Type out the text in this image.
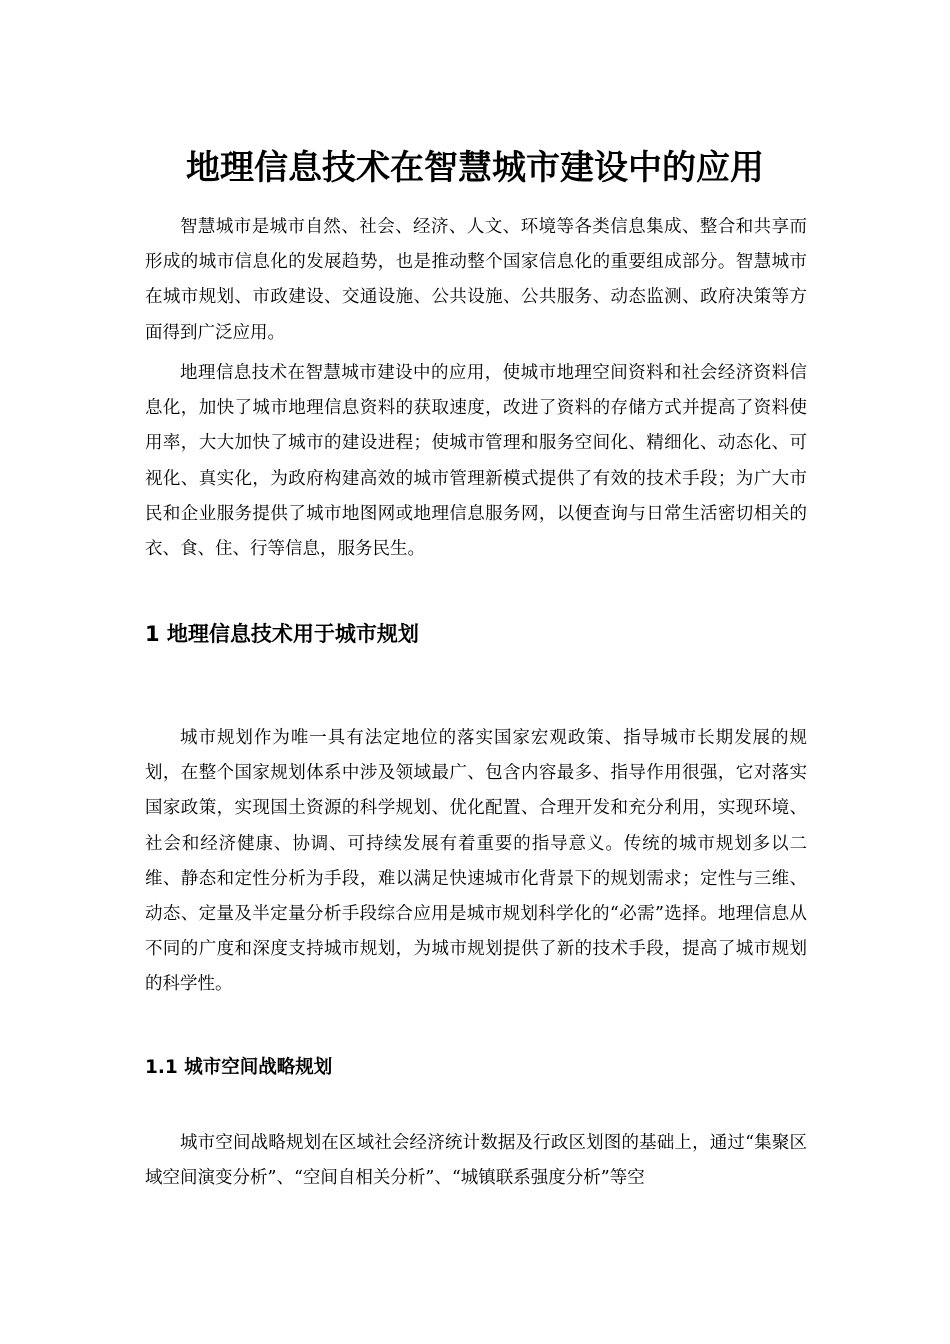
地理信息技术在智慧城市建设中的应用

智慧城市是城市自然、社会、经济、人文、环境等各类信息集成、整合和共享而形成的城市信息化的发展趋势，也是推动整个国家信息化的重要组成部分。智慧城市在城市规划、市政建设、交通设施、公共设施、公共服务、动态监测、政府决策等方面得到广泛应用。

地理信息技术在智慧城市建设中的应用，使城市地理空间资料和社会经济资料信息化，加快了城市地理信息资料的获取速度，改进了资料的存储方式并提高了资料使用率，大大加快了城市的建设进程；使城市管理和服务空间化、精细化、动态化、可视化、真实化，为政府构建高效的城市管理新模式提供了有效的技术手段；为广大市民和企业服务提供了城市地图网或地理信息服务网，以便查询与日常生活密切相关的衣、食、住、行等信息，服务民生。

1 地理信息技术用于城市规划

城市规划作为唯一具有法定地位的落实国家宏观政策、指导城市长期发展的规划，在整个国家规划体系中涉及领域最广、包含内容最多、指导作用很强，它对落实国家政策，实现国土资源的科学规划、优化配置、合理开发和充分利用，实现环境、社会和经济健康、协调、可持续发展有着重要的指导意义。传统的城市规划多以二维、静态和定性分析为手段，难以满足快速城市化背景下的规划需求；定性与三维、动态、定量及半定量分析手段综合应用是城市规划科学化的“必需”选择。地理信息从不同的广度和深度支持城市规划，为城市规划提供了新的技术手段，提高了城市规划的科学性。

1.1 城市空间战略规划

城市空间战略规划在区域社会经济统计数据及行政区划图的基础上，通过“集聚区域空间演变分析”、“空间自相关分析”、“城镇联系强度分析”等空
